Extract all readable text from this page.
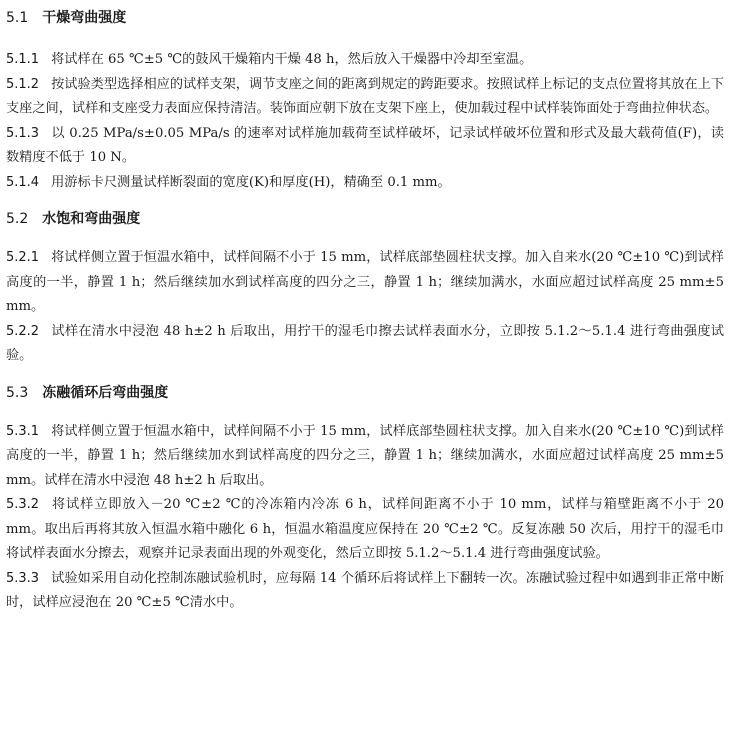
5.1 干燥弯曲强度

5.1.1 将试样在 65 ℃±5 ℃的鼓风干燥箱内干燥 48 h，然后放入干燥器中冷却至室温。

5.1.2 按试验类型选择相应的试样支架，调节支座之间的距离到规定的跨距要求。按照试样上标记的支点位置将其放在上下支座之间，试样和支座受力表面应保持清洁。装饰面应朝下放在支架下座上，使加载过程中试样装饰面处于弯曲拉伸状态。

5.1.3 以 0.25 MPa/s±0.05 MPa/s 的速率对试样施加载荷至试样破坏，记录试样破坏位置和形式及最大载荷值(F)，读数精度不低于 10 N。

5.1.4 用游标卡尺测量试样断裂面的宽度(K)和厚度(H)，精确至 0.1 mm。

5.2 水饱和弯曲强度

5.2.1 将试样侧立置于恒温水箱中，试样间隔不小于 15 mm，试样底部垫圆柱状支撑。加入自来水(20 ℃±10 ℃)到试样高度的一半，静置 1 h；然后继续加水到试样高度的四分之三，静置 1 h；继续加满水，水面应超过试样高度 25 mm±5 mm。

5.2.2 试样在清水中浸泡 48 h±2 h 后取出，用拧干的湿毛巾擦去试样表面水分，立即按 5.1.2～5.1.4 进行弯曲强度试验。

5.3 冻融循环后弯曲强度

5.3.1 将试样侧立置于恒温水箱中，试样间隔不小于 15 mm，试样底部垫圆柱状支撑。加入自来水(20 ℃±10 ℃)到试样高度的一半，静置 1 h；然后继续加水到试样高度的四分之三，静置 1 h；继续加满水，水面应超过试样高度 25 mm±5 mm。试样在清水中浸泡 48 h±2 h 后取出。

5.3.2 将试样立即放入－20 ℃±2 ℃的冷冻箱内冷冻 6 h，试样间距离不小于 10 mm，试样与箱壁距离不小于 20 mm。取出后再将其放入恒温水箱中融化 6 h，恒温水箱温度应保持在 20 ℃±2 ℃。反复冻融 50 次后，用拧干的湿毛巾将试样表面水分擦去，观察并记录表面出现的外观变化，然后立即按 5.1.2～5.1.4 进行弯曲强度试验。

5.3.3 试验如采用自动化控制冻融试验机时，应每隔 14 个循环后将试样上下翻转一次。冻融试验过程中如遇到非正常中断时，试样应浸泡在 20 ℃±5 ℃清水中。
